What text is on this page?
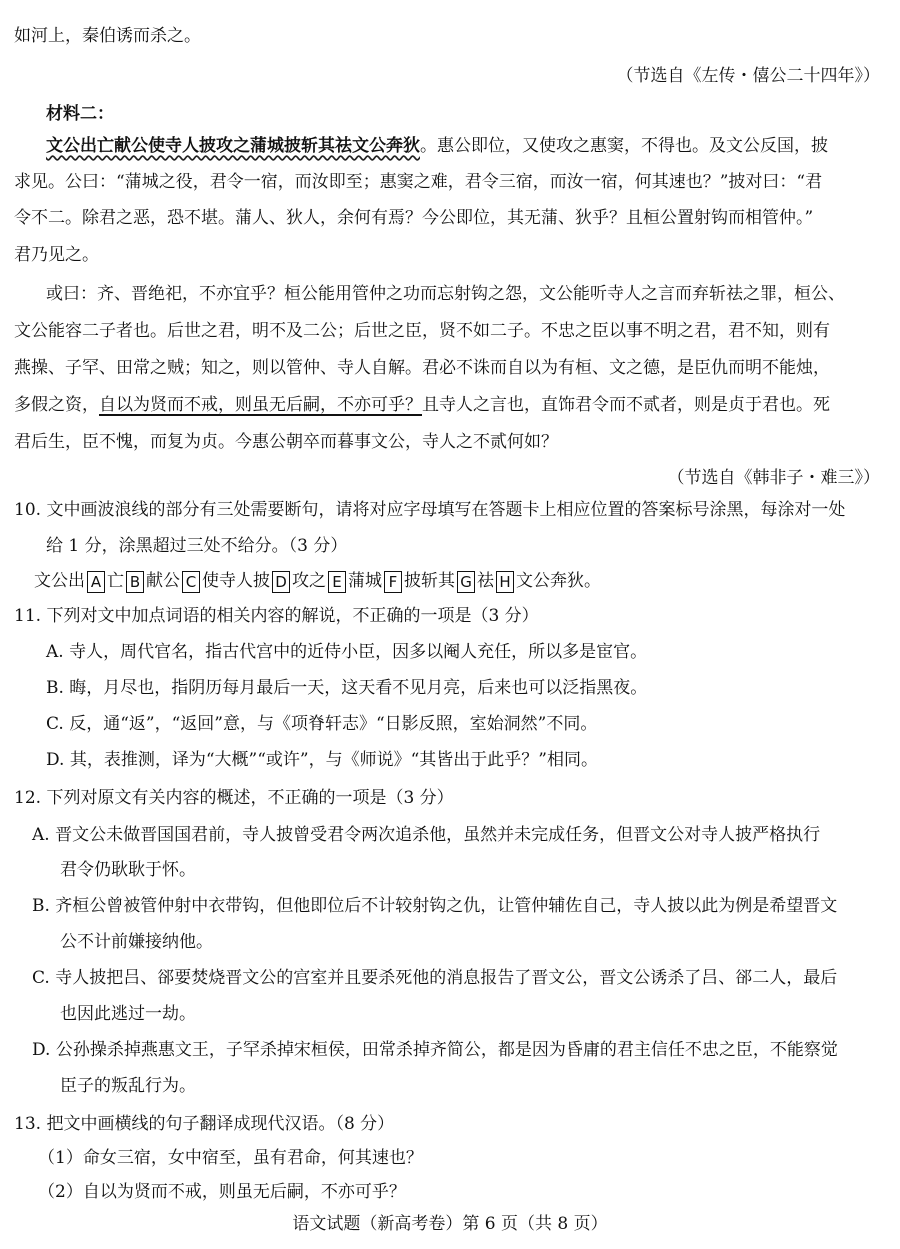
如河上，秦伯诱而杀之。
（节选自《左传・僖公二十四年》）
材料二：
文公出亡献公使寺人披攻之蒲城披斩其祛文公奔狄。惠公即位，又使攻之惠窦，不得也。及文公反国，披
求见。公曰：“蒲城之役，君令一宿，而汝即至；惠窦之难，君令三宿，而汝一宿，何其速也？”披对曰：“君
令不二。除君之恶，恐不堪。蒲人、狄人，余何有焉？今公即位，其无蒲、狄乎？且桓公置射钩而相管仲。”
君乃见之。
或曰：齐、晋绝祀，不亦宜乎？桓公能用管仲之功而忘射钩之怨，文公能听寺人之言而弃斩祛之罪，桓公、
文公能容二子者也。后世之君，明不及二公；后世之臣，贤不如二子。不忠之臣以事不明之君，君不知，则有
燕操、子罕、田常之贼；知之，则以管仲、寺人自解。君必不诛而自以为有桓、文之德，是臣仇而明不能烛，
多假之资，自以为贤而不戒，则虽无后嗣，不亦可乎？且寺人之言也，直饰君令而不贰者，则是贞于君也。死
君后生，臣不愧，而复为贞。今惠公朝卒而暮事文公，寺人之不贰何如？
（节选自《韩非子・难三》）
10. 文中画波浪线的部分有三处需要断句，请将对应字母填写在答题卡上相应位置的答案标号涂黑，每涂对一处
给 1 分，涂黑超过三处不给分。（3 分）
文公出 A 亡 B 献公 C 使寺人披 D 攻之 E 蒲城 F 披斩其 G 祛 H 文公奔狄。
11. 下列对文中加点词语的相关内容的解说，不正确的一项是（3 分）
A. 寺人，周代官名，指古代宫中的近侍小臣，因多以阉人充任，所以多是宦官。
B. 晦，月尽也，指阴历每月最后一天，这天看不见月亮，后来也可以泛指黑夜。
C. 反，通“返”，“返回”意，与《项脊轩志》“日影反照，室始洞然”不同。
D. 其，表推测，译为“大概”“或许”，与《师说》“其皆出于此乎？”相同。
12. 下列对原文有关内容的概述，不正确的一项是（3 分）
A. 晋文公未做晋国国君前，寺人披曾受君令两次追杀他，虽然并未完成任务，但晋文公对寺人披严格执行
君令仍耿耿于怀。
B. 齐桓公曾被管仲射中衣带钩，但他即位后不计较射钩之仇，让管仲辅佐自己，寺人披以此为例是希望晋文
公不计前嫌接纳他。
C. 寺人披把吕、郤要焚烧晋文公的宫室并且要杀死他的消息报告了晋文公，晋文公诱杀了吕、郤二人，最后
也因此逃过一劫。
D. 公孙操杀掉燕惠文王，子罕杀掉宋桓侯，田常杀掉齐简公，都是因为昏庸的君主信任不忠之臣，不能察觉
臣子的叛乱行为。
13. 把文中画横线的句子翻译成现代汉语。（8 分）
（1）命女三宿，女中宿至，虽有君命，何其速也？
（2）自以为贤而不戒，则虽无后嗣，不亦可乎？
语文试题（新高考卷）第 6 页（共 8 页）
